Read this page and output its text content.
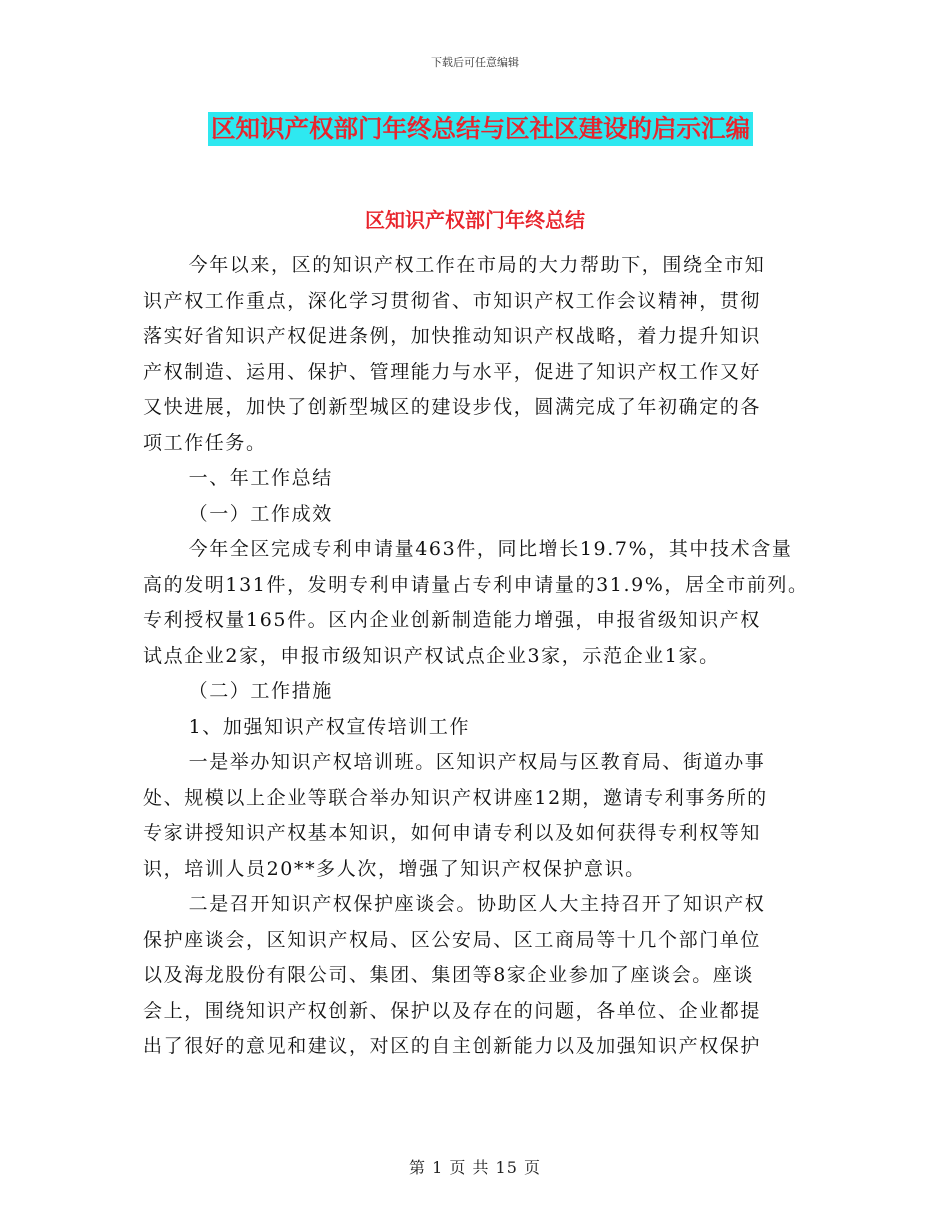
下载后可任意编辑
区知识产权部门年终总结与区社区建设的启示汇编
区知识产权部门年终总结

今年以来，区的知识产权工作在市局的大力帮助下，围绕全市知

识产权工作重点，深化学习贯彻省、市知识产权工作会议精神，贯彻

落实好省知识产权促进条例，加快推动知识产权战略，着力提升知识

产权制造、运用、保护、管理能力与水平，促进了知识产权工作又好

又快进展，加快了创新型城区的建设步伐，圆满完成了年初确定的各

项工作任务。

一、年工作总结

（一）工作成效

今年全区完成专利申请量463件，同比增长19.7%，其中技术含量

高的发明131件，发明专利申请量占专利申请量的31.9%，居全市前列。

专利授权量165件。区内企业创新制造能力增强，申报省级知识产权

试点企业2家，申报市级知识产权试点企业3家，示范企业1家。

（二）工作措施

1、加强知识产权宣传培训工作

一是举办知识产权培训班。区知识产权局与区教育局、街道办事

处、规模以上企业等联合举办知识产权讲座12期，邀请专利事务所的

专家讲授知识产权基本知识，如何申请专利以及如何获得专利权等知

识，培训人员20**多人次，增强了知识产权保护意识。

二是召开知识产权保护座谈会。协助区人大主持召开了知识产权

保护座谈会，区知识产权局、区公安局、区工商局等十几个部门单位

以及海龙股份有限公司、集团、集团等8家企业参加了座谈会。座谈

会上，围绕知识产权创新、保护以及存在的问题，各单位、企业都提

出了很好的意见和建议，对区的自主创新能力以及加强知识产权保护

第 1 页 共 15 页
